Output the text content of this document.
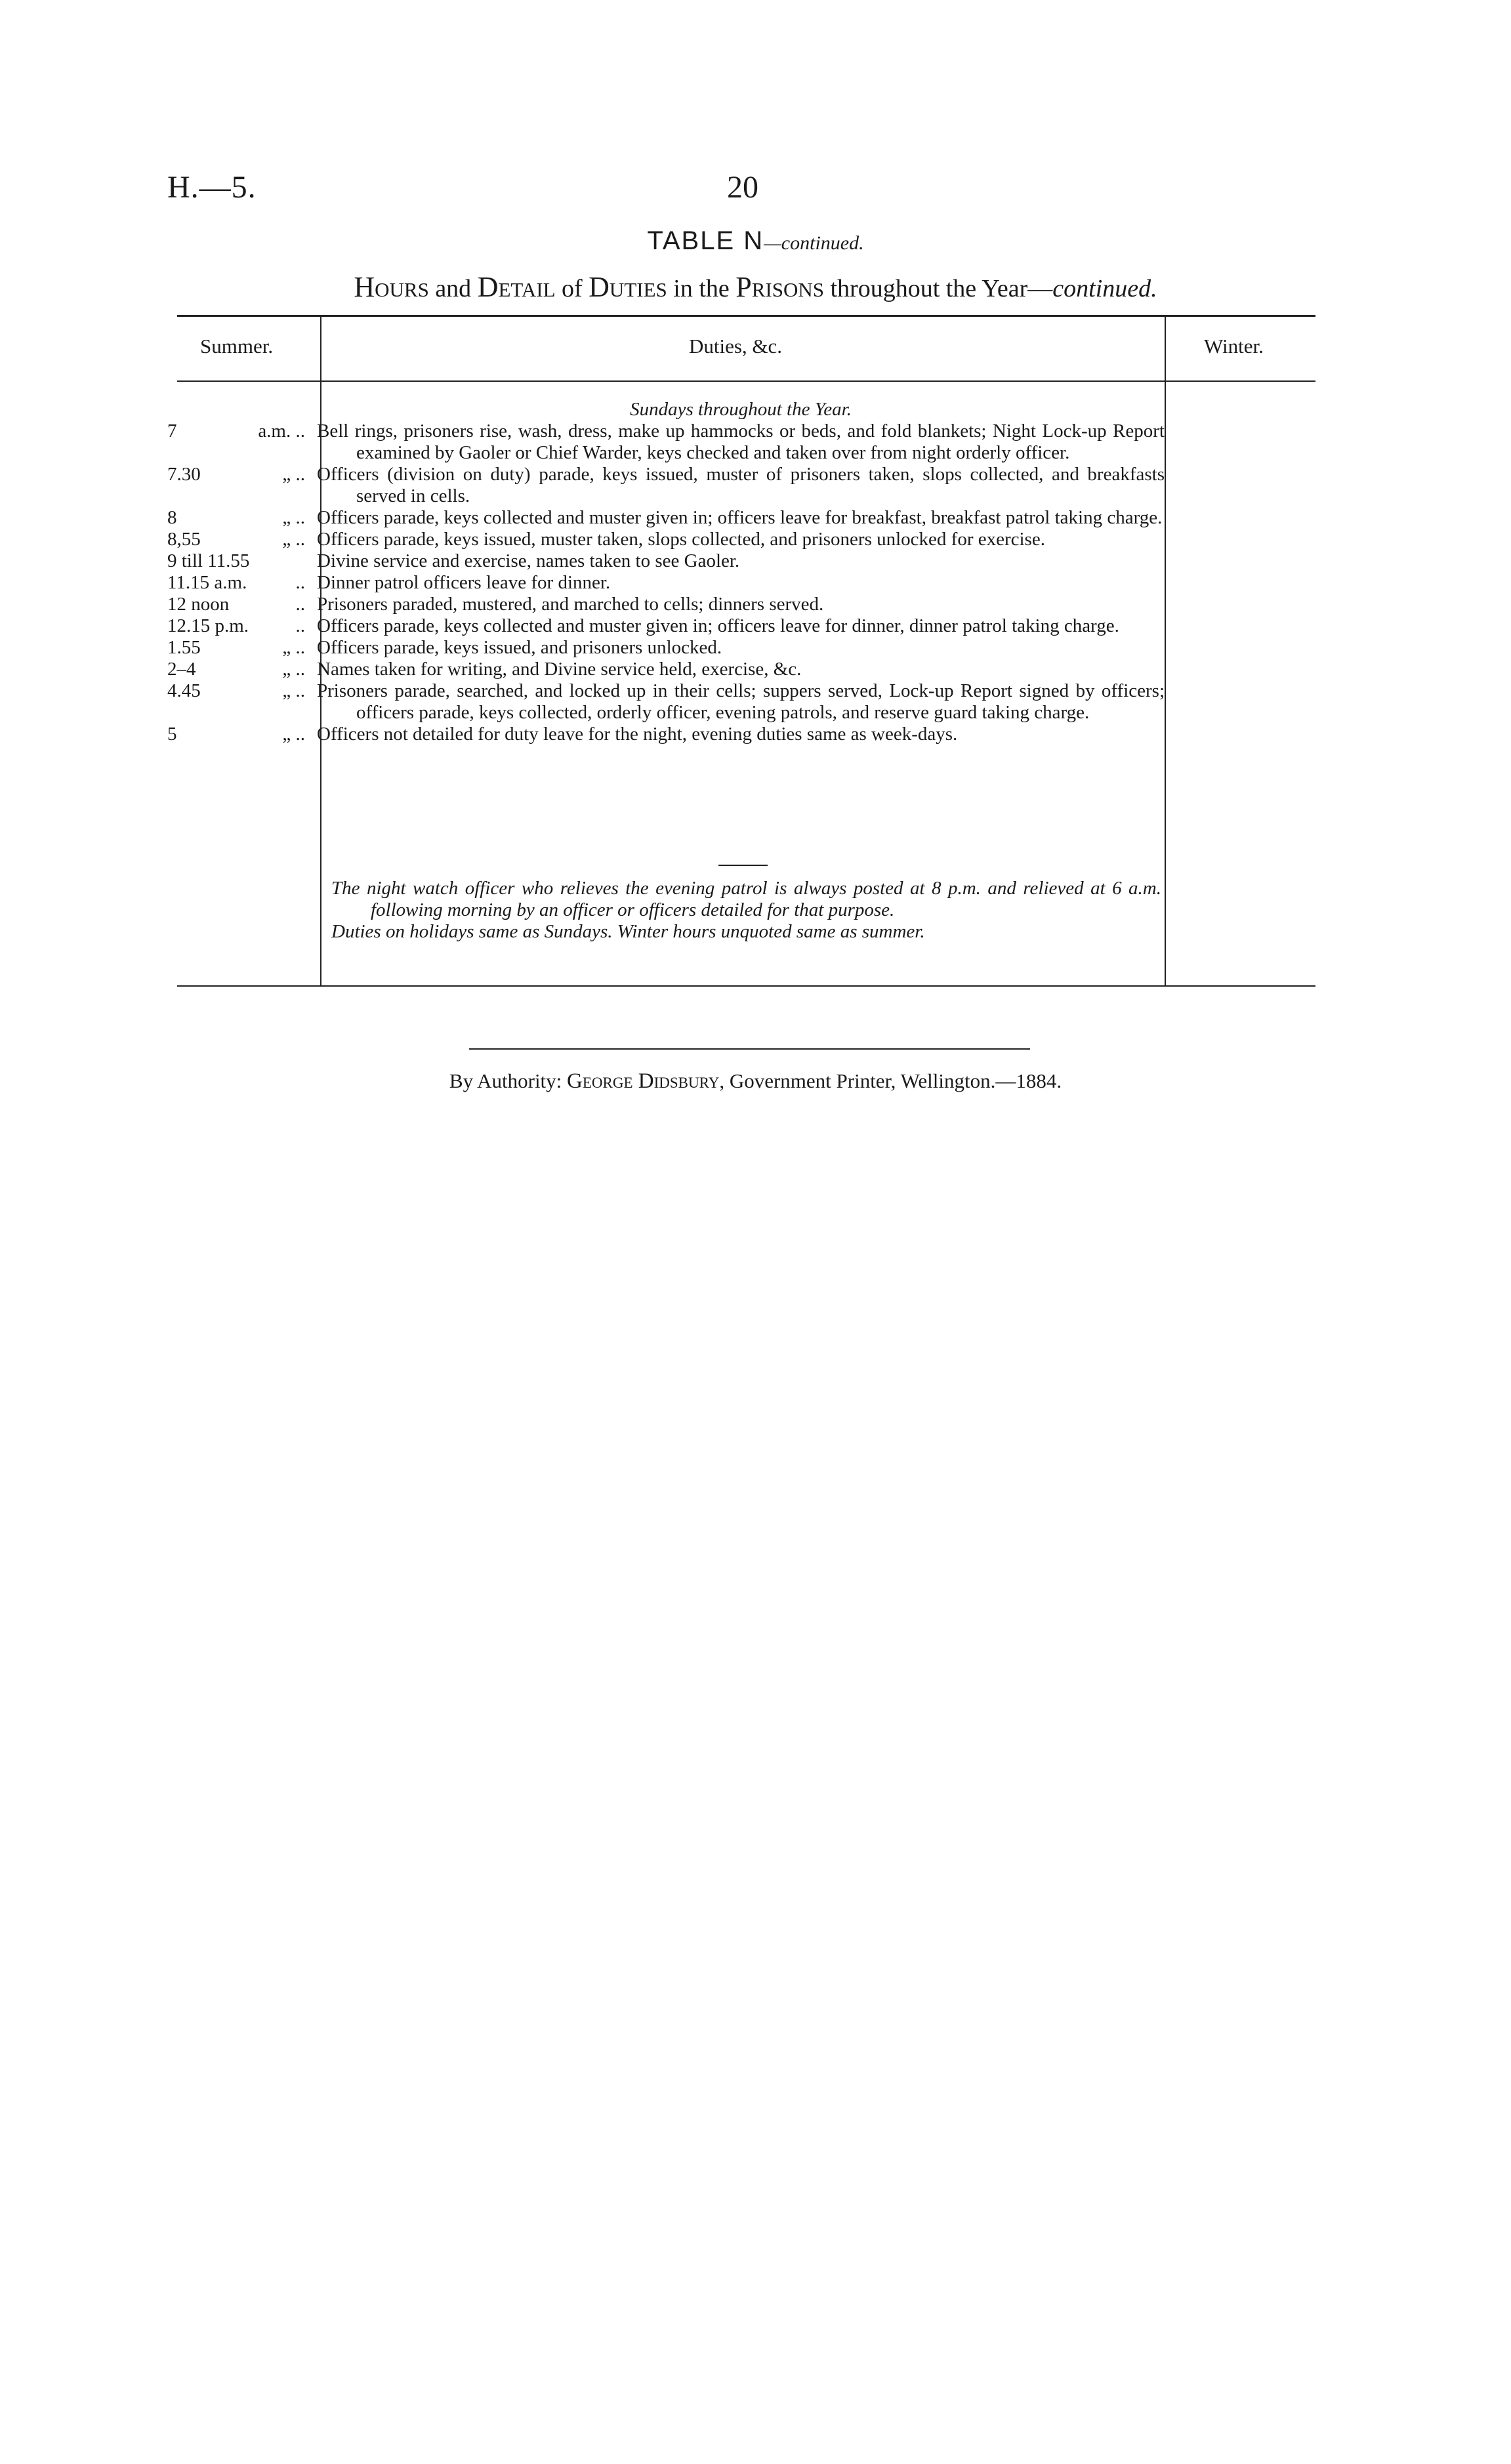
H.—5.	20
TABLE N—continued.
Hours and Detail of Duties in the Prisons throughout the Year—continued.
Summer.	Duties, &c.	Winter.
Sundays throughout the Year.
7	a.m. .. Bell rings, prisoners rise, wash, dress, make up hammocks or beds, and fold blankets; Night Lock-up Report examined by Gaoler or Chief Warder, keys checked and taken over from night orderly officer.
7.30	„ .. Officers (division on duty) parade, keys issued, muster of prisoners taken, slops collected, and breakfasts served in cells.
8	„ .. Officers parade, keys collected and muster given in; officers leave for breakfast, breakfast patrol taking charge.
8,55	„ .. Officers parade, keys issued, muster taken, slops collected, and prisoners unlocked for exercise.
9 till 11.55	Divine service and exercise, names taken to see Gaoler.
11.15 a.m.	.. Dinner patrol officers leave for dinner.
12 noon	.. Prisoners paraded, mustered, and marched to cells; dinners served.
12.15 p.m. .. Officers parade, keys collected and muster given in; officers leave for dinner, dinner patrol taking charge.
1.55	„ .. Officers parade, keys issued, and prisoners unlocked.
2–4	„ .. Names taken for writing, and Divine service held, exercise, &c.
4.45	„ .. Prisoners parade, searched, and locked up in their cells; suppers served, Lock-up Report signed by officers; officers parade, keys collected, orderly officer, evening patrols, and reserve guard taking charge.
5	„ .. Officers not detailed for duty leave for the night, evening duties same as week-days.

The night watch officer who relieves the evening patrol is always posted at 8 p.m. and relieved at 6 a.m. following morning by an officer or officers detailed for that purpose.

Duties on holidays same as Sundays. Winter hours unquoted same as summer.

By Authority: George Didsbury, Government Printer, Wellington.—1884.
